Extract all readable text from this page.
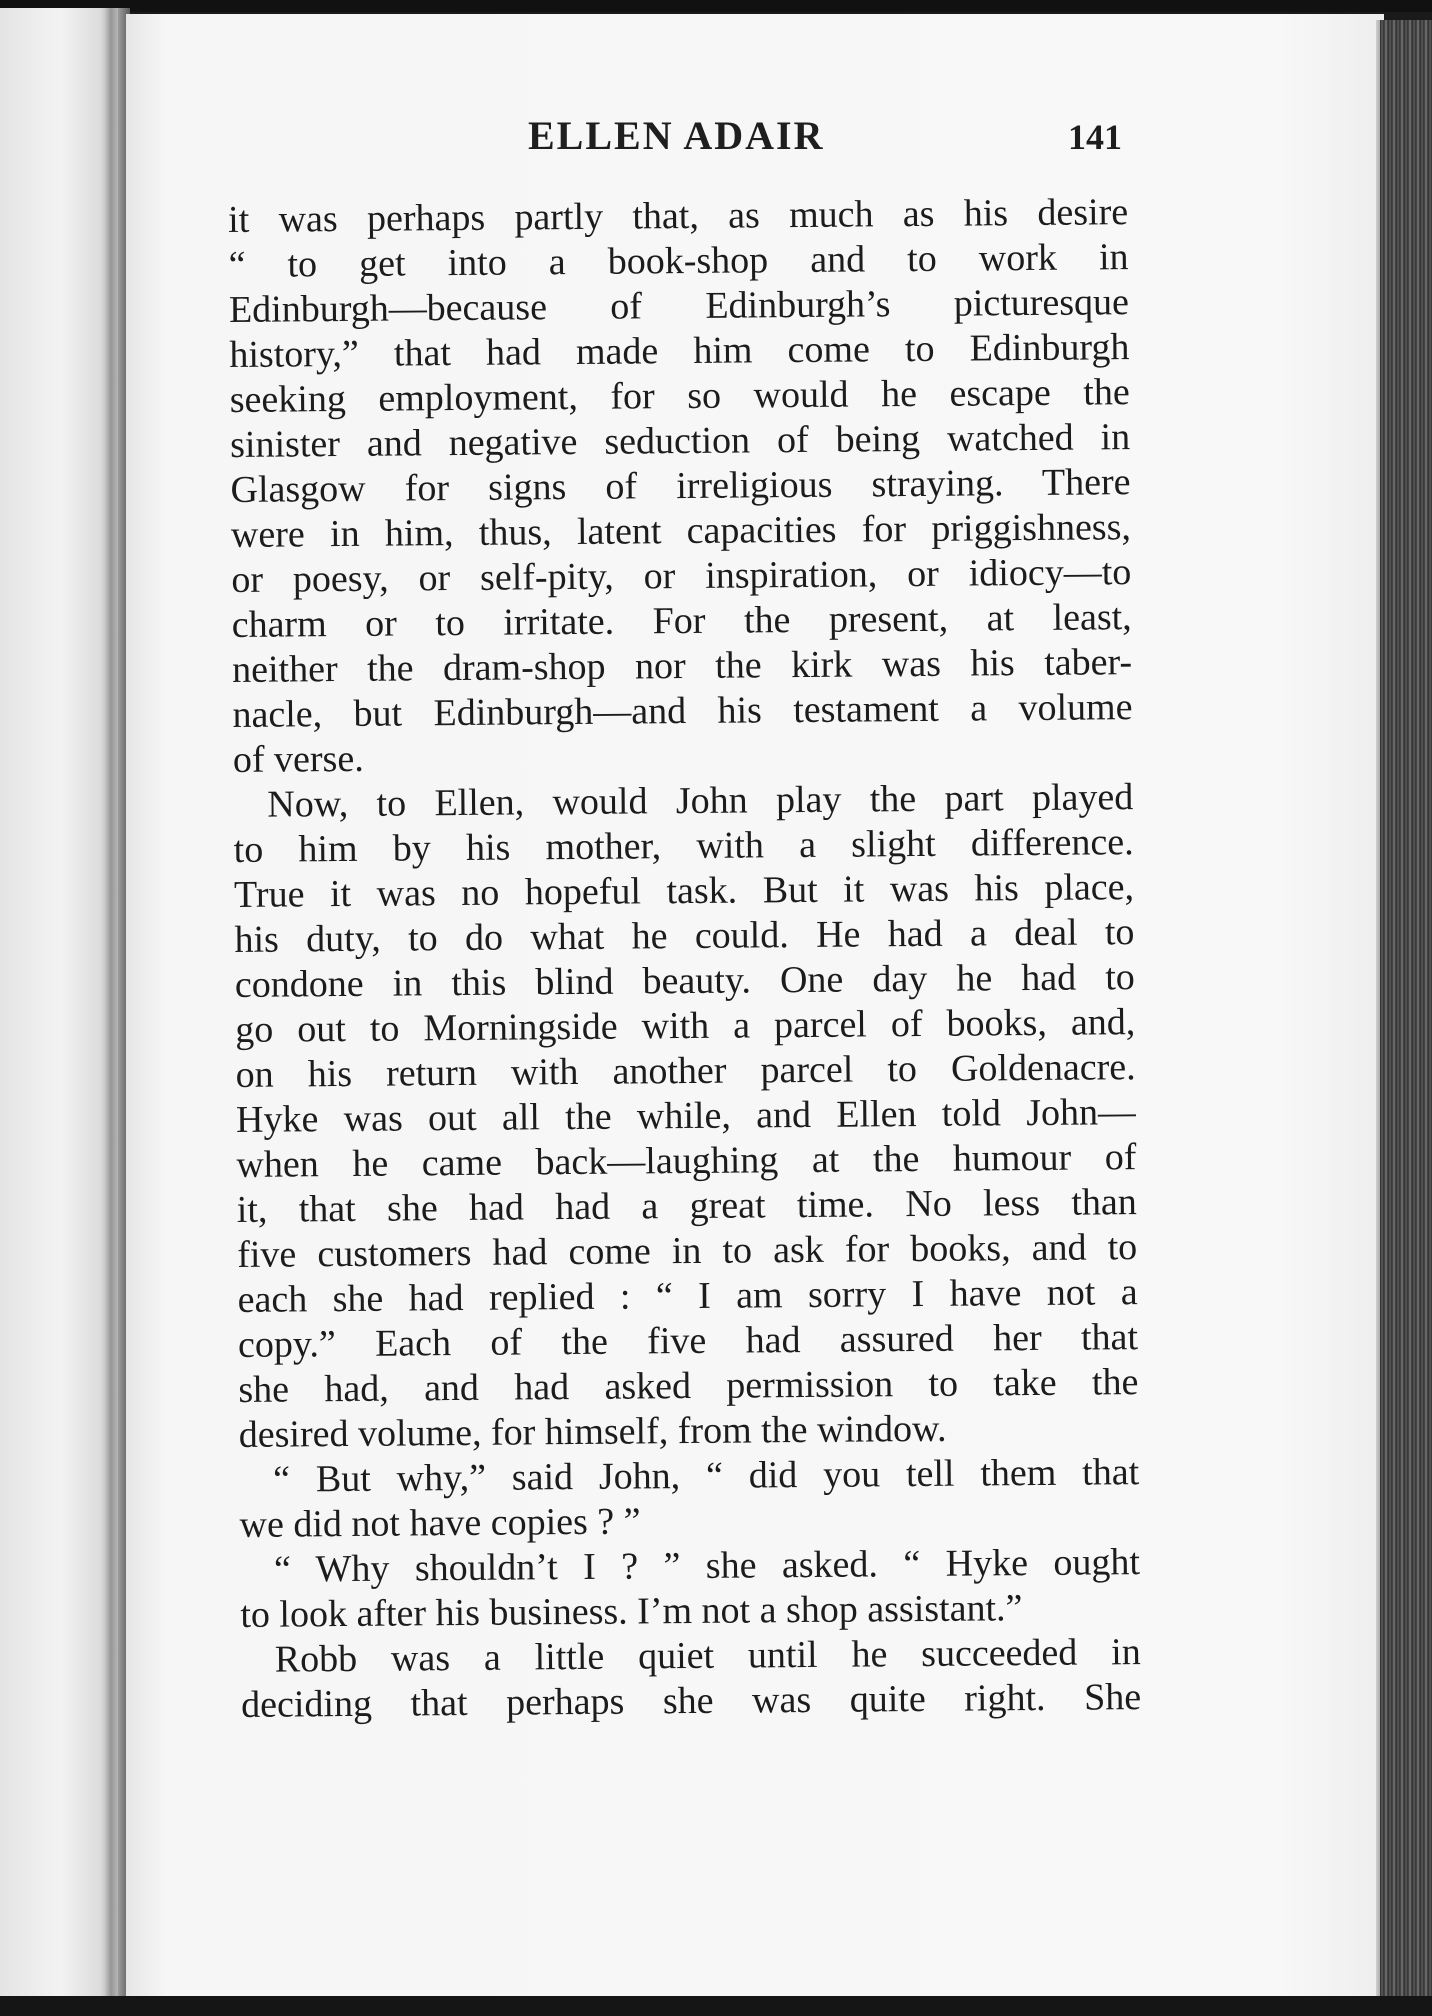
ELLEN ADAIR	141
it was perhaps partly that, as much as his desire
“ to get into a book-shop and to work in
Edinburgh—because of Edinburgh’s picturesque
history,” that had made him come to Edinburgh
seeking employment, for so would he escape the
sinister and negative seduction of being watched in
Glasgow for signs of irreligious straying. There
were in him, thus, latent capacities for priggishness,
or poesy, or self-pity, or inspiration, or idiocy—to
charm or to irritate. For the present, at least,
neither the dram-shop nor the kirk was his taber-
nacle, but Edinburgh—and his testament a volume
of verse.
Now, to Ellen, would John play the part played
to him by his mother, with a slight difference.
True it was no hopeful task. But it was his place,
his duty, to do what he could. He had a deal to
condone in this blind beauty. One day he had to
go out to Morningside with a parcel of books, and,
on his return with another parcel to Goldenacre.
Hyke was out all the while, and Ellen told John—
when he came back—laughing at the humour of
it, that she had had a great time. No less than
five customers had come in to ask for books, and to
each she had replied : “ I am sorry I have not a
copy.” Each of the five had assured her that
she had, and had asked permission to take the
desired volume, for himself, from the window.
“ But why,” said John, “ did you tell them that
we did not have copies ? ”
“ Why shouldn’t I ? ” she asked. “ Hyke ought
to look after his business. I’m not a shop assistant.”
Robb was a little quiet until he succeeded in
deciding that perhaps she was quite right. She
